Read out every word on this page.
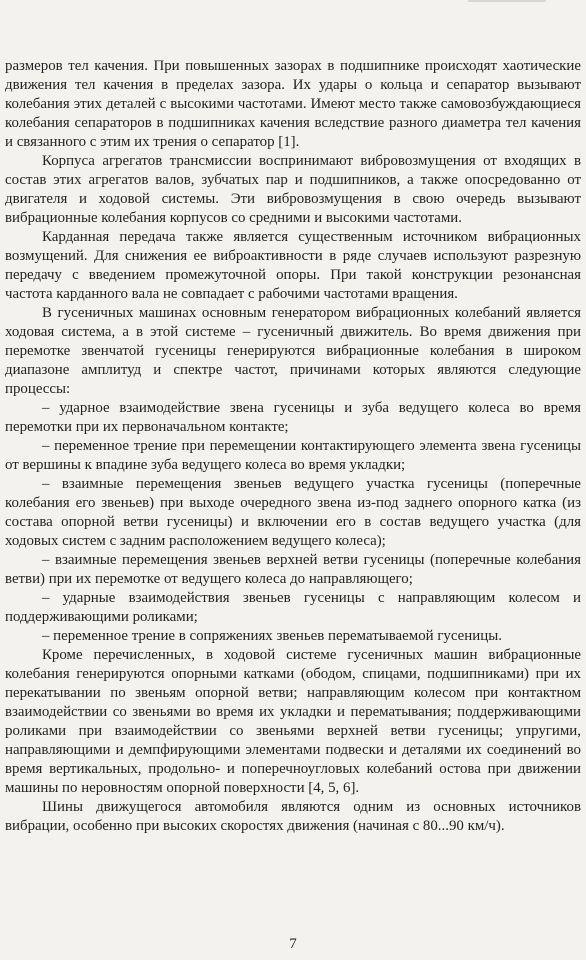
размеров тел качения. При повышенных зазорах в подшипнике происходят хаотические движения тел качения в пределах зазора. Их удары о кольца и сепаратор вызывают колебания этих деталей с высокими частотами. Имеют место также самовозбуждающиеся колебания сепараторов в подшипниках качения вследствие разного диаметра тел качения и связанного с этим их трения о сепаратор [1].

Корпуса агрегатов трансмиссии воспринимают вибровозмущения от входящих в состав этих агрегатов валов, зубчатых пар и подшипников, а также опосредованно от двигателя и ходовой системы. Эти вибровозмущения в свою очередь вызывают вибрационные колебания корпусов со средними и высокими частотами.

Карданная передача также является существенным источником вибрационных возмущений. Для снижения ее виброактивности в ряде случаев используют разрезную передачу с введением промежуточной опоры. При такой конструкции резонансная частота карданного вала не совпадает с рабочими частотами вращения.

В гусеничных машинах основным генератором вибрационных колебаний является ходовая система, а в этой системе – гусеничный движитель. Во время движения при перемотке звенчатой гусеницы генерируются вибрационные колебания в широком диапазоне амплитуд и спектре частот, причинами которых являются следующие процессы:

– ударное взаимодействие звена гусеницы и зуба ведущего колеса во время перемотки при их первоначальном контакте;

– переменное трение при перемещении контактирующего элемента звена гусеницы от вершины к впадине зуба ведущего колеса во время укладки;

– взаимные перемещения звеньев ведущего участка гусеницы (поперечные колебания его звеньев) при выходе очередного звена из-под заднего опорного катка (из состава опорной ветви гусеницы) и включении его в состав ведущего участка (для ходовых систем с задним расположением ведущего колеса);

– взаимные перемещения звеньев верхней ветви гусеницы (поперечные колебания ветви) при их перемотке от ведущего колеса до направляющего;

– ударные взаимодействия звеньев гусеницы с направляющим колесом и поддерживающими роликами;

– переменное трение в сопряжениях звеньев перематываемой гусеницы.

Кроме перечисленных, в ходовой системе гусеничных машин вибрационные колебания генерируются опорными катками (ободом, спицами, подшипниками) при их перекатывании по звеньям опорной ветви; направляющим колесом при контактном взаимодействии со звеньями во время их укладки и перематывания; поддерживающими роликами при взаимодействии со звеньями верхней ветви гусеницы; упругими, направляющими и демпфирующими элементами подвески и деталями их соединений во время вертикальных, продольно- и поперечноугловых колебаний остова при движении машины по неровностям опорной поверхности [4, 5, 6].

Шины движущегося автомобиля являются одним из основных источников вибрации, особенно при высоких скоростях движения (начиная с 80...90 км/ч).

7
